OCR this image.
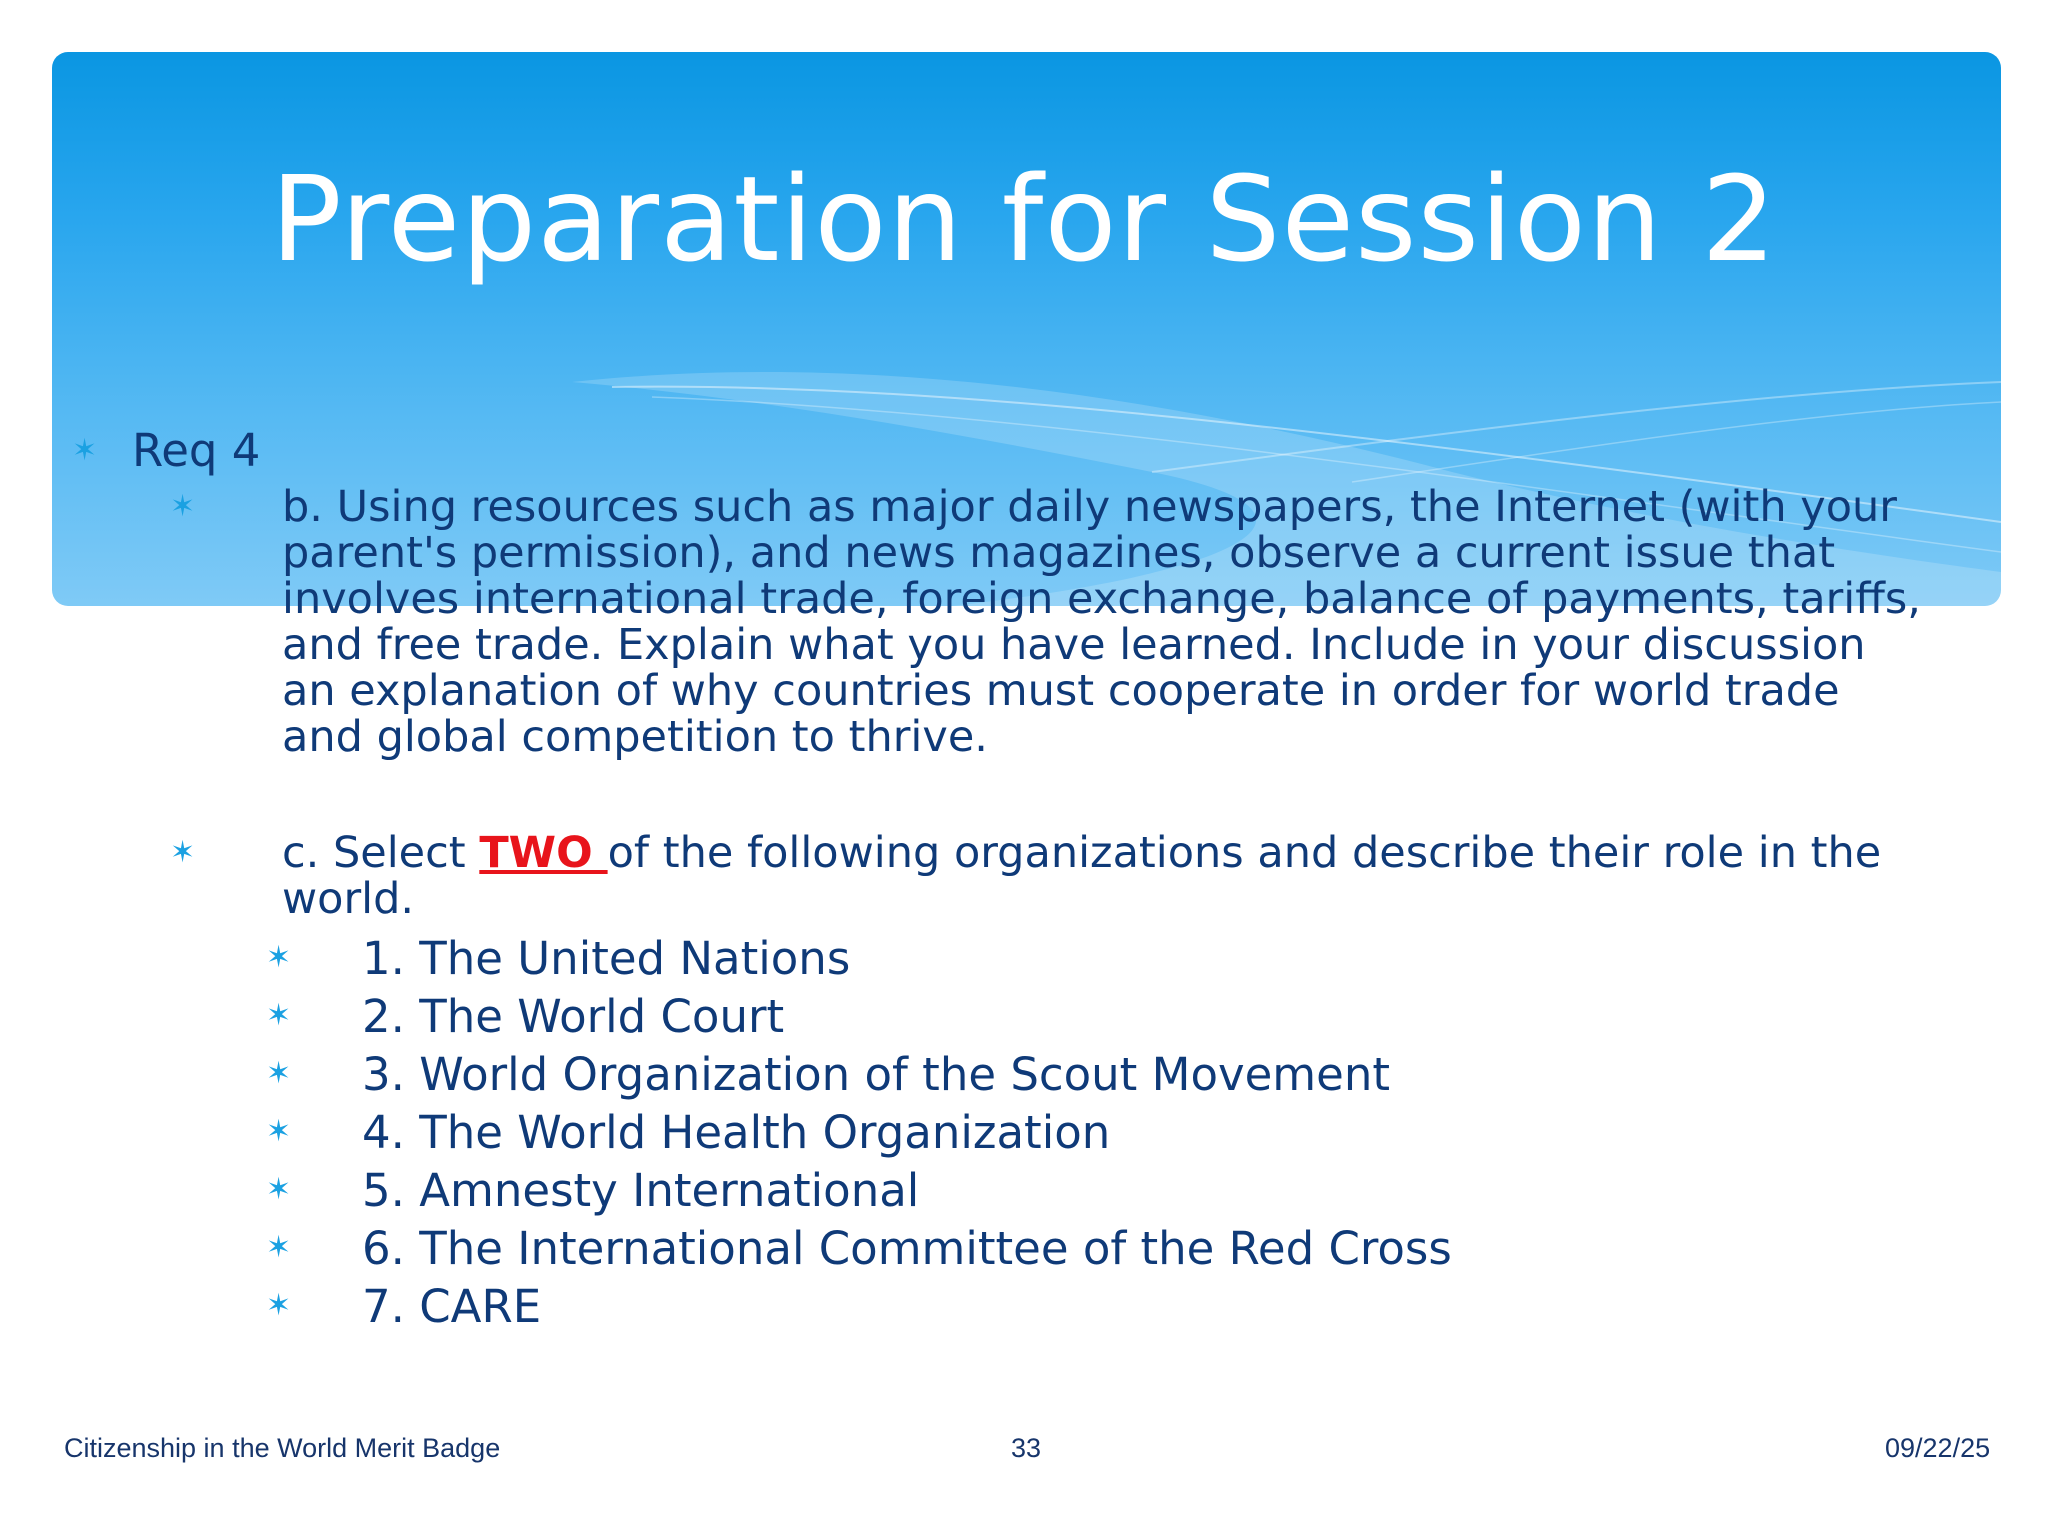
Preparation for Session 2
✶ Req 4
✶ b. Using resources such as major daily newspapers, the Internet (with your
parent's permission), and news magazines, observe a current issue that
involves international trade, foreign exchange, balance of payments, tariffs,
and free trade. Explain what you have learned. Include in your discussion
an explanation of why countries must cooperate in order for world trade
and global competition to thrive.
✶ c. Select TWO of the following organizations and describe their role in the
world.
✶ 1. The United Nations
✶ 2. The World Court
✶ 3. World Organization of the Scout Movement
✶ 4. The World Health Organization
✶ 5. Amnesty International
✶ 6. The International Committee of the Red Cross
✶ 7. CARE
Citizenship in the World Merit Badge	33	09/22/25
